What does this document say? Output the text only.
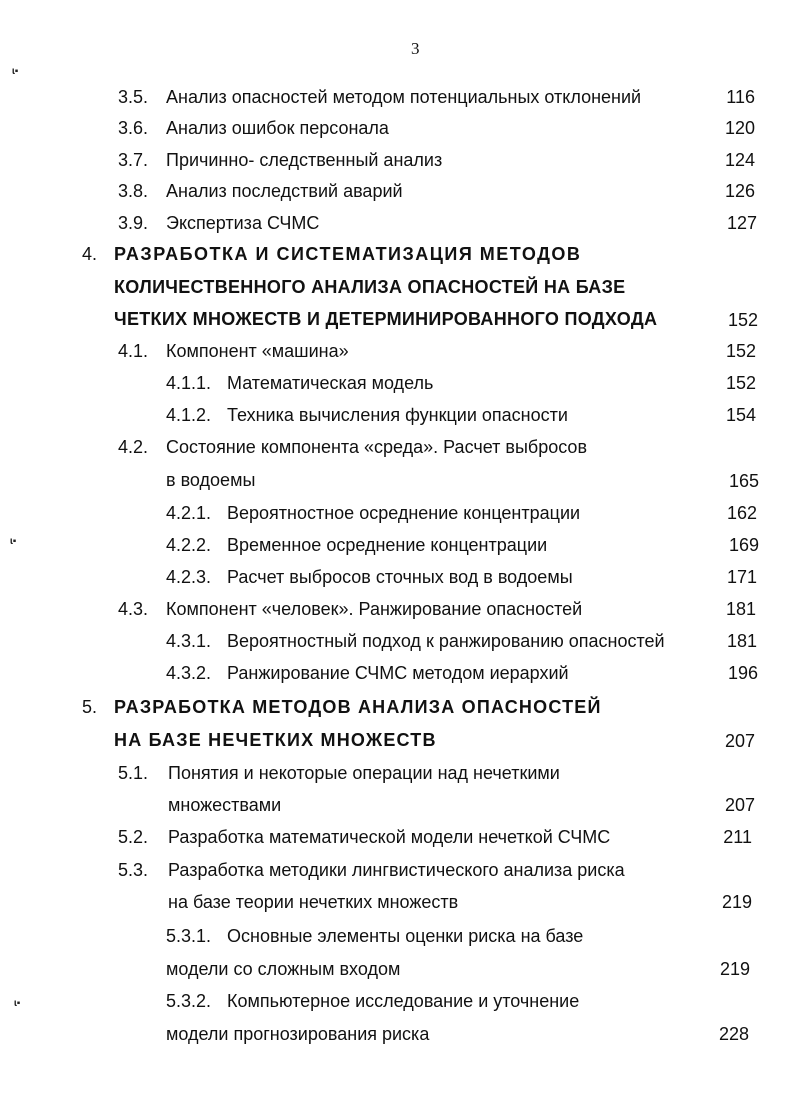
3
ɩ▪
ɩ▪
ɩ▪
3.5. Анализ опасностей методом потенциальных отклонений	116
3.6. Анализ ошибок персонала	120
3.7. Причинно- следственный анализ	124
3.8. Анализ последствий аварий	126
3.9. Экспертиза СЧМС	127
4. РАЗРАБОТКА И СИСТЕМАТИЗАЦИЯ МЕТОДОВ
КОЛИЧЕСТВЕННОГО АНАЛИЗА ОПАСНОСТЕЙ НА БАЗЕ
ЧЕТКИХ МНОЖЕСТВ И ДЕТЕРМИНИРОВАННОГО ПОДХОДА	152
4.1. Компонент «машина»	152
4.1.1. Математическая модель	152
4.1.2. Техника вычисления функции опасности	154
4.2. Состояние компонента «среда». Расчет выбросов
в водоемы	165
4.2.1. Вероятностное осреднение концентрации	162
4.2.2. Временное осреднение концентрации	169
4.2.3. Расчет выбросов сточных вод в водоемы	171
4.3. Компонент «человек». Ранжирование опасностей	181
4.3.1. Вероятностный подход к ранжированию опасностей	181
4.3.2. Ранжирование СЧМС методом иерархий	196
5. РАЗРАБОТКА МЕТОДОВ АНАЛИЗА ОПАСНОСТЕЙ
НА БАЗЕ НЕЧЕТКИХ МНОЖЕСТВ	207
5.1. Понятия и некоторые операции над нечеткими
множествами	207
5.2. Разработка математической модели нечеткой СЧМС	211
5.3. Разработка методики лингвистического анализа риска
на базе теории нечетких множеств	219
5.3.1. Основные элементы оценки риска на базе
модели со сложным входом	219
5.3.2. Компьютерное исследование и уточнение
модели прогнозирования риска	228
